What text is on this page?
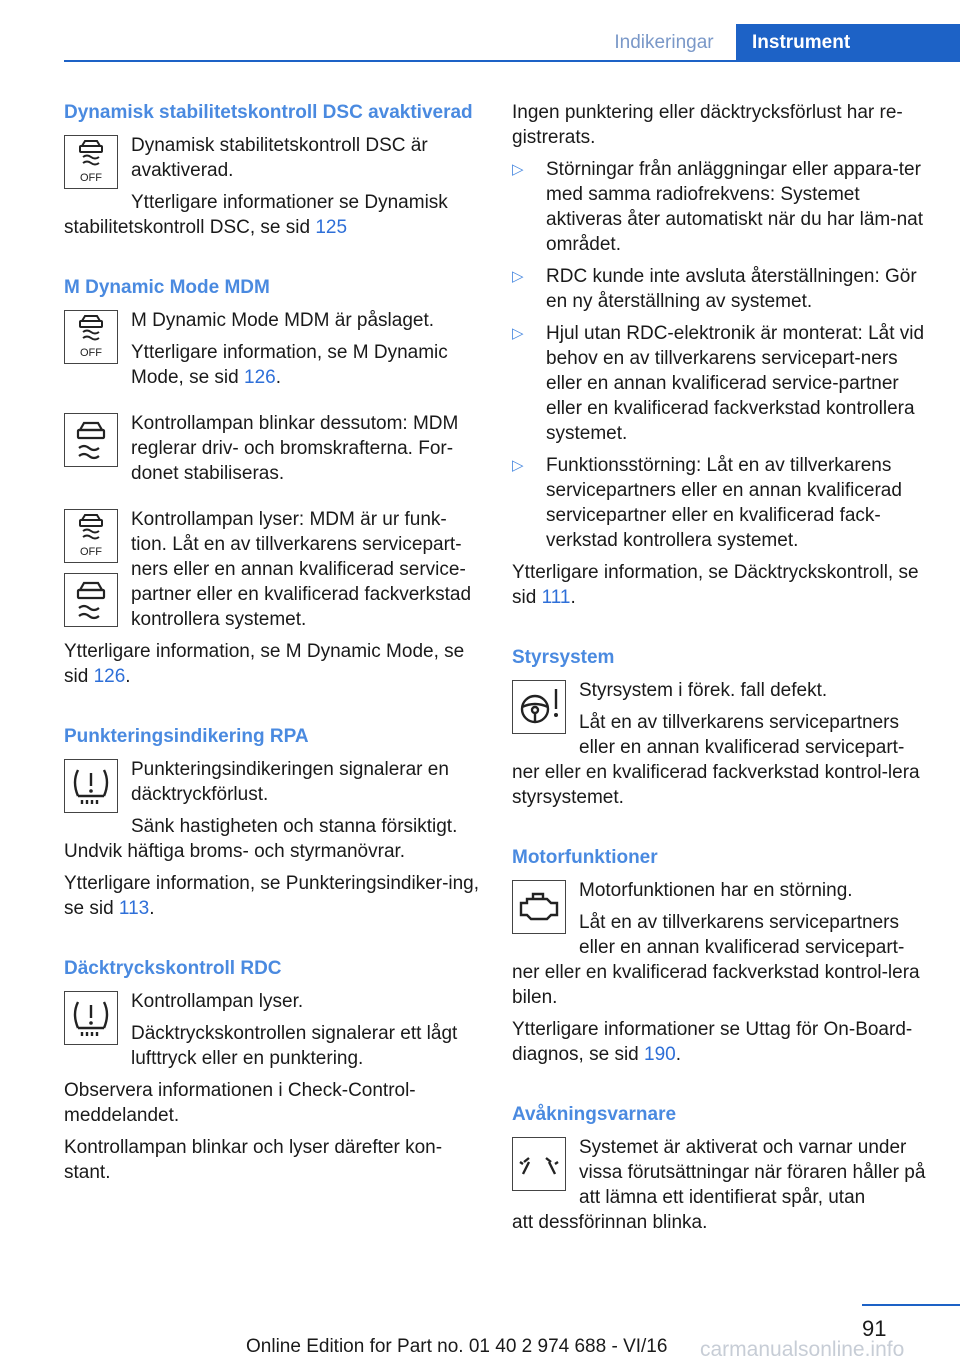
Indikeringar	Instrument
Dynamisk stabilitetskontroll DSC avaktiverad
OFF
Dynamisk stabilitetskontroll DSC är avaktiverad.
Ytterligare informationer se Dynamisk stabilitetskontroll DSC, se sid 125
M Dynamic Mode MDM
OFF
M Dynamic Mode MDM är påslaget.
Ytterligare information, se M Dynamic Mode, se sid 126.
Kontrollampan blinkar dessutom: MDM reglerar driv- och bromskrafterna. For-donet stabiliseras.
OFF
Kontrollampan lyser: MDM är ur funk-tion. Låt en av tillverkarens servicepart-ners eller en annan kvalificerad service-partner eller en kvalificerad fackverkstad kontrollera systemet.
Ytterligare information, se M Dynamic Mode, se sid 126.
Punkteringsindikering RPA
Punkteringsindikeringen signalerar en däcktryckförlust.
Sänk hastigheten och stanna försiktigt.
Undvik häftiga broms- och styrmanövrar.
Ytterligare information, se Punkteringsindiker-ing, se sid 113.
Däcktryckskontroll RDC
Kontrollampan lyser.
Däcktryckskontrollen signalerar ett lågt lufttryck eller en punktering.
Observera informationen i Check-Control-meddelandet.
Kontrollampan blinkar och lyser därefter kon-stant.
Ingen punktering eller däcktrycksförlust har re-gistrerats.
▷ Störningar från anläggningar eller appara-ter med samma radiofrekvens: Systemet aktiveras åter automatiskt när du har läm-nat området.
▷ RDC kunde inte avsluta återställningen: Gör en ny återställning av systemet.
▷ Hjul utan RDC-elektronik är monterat: Låt vid behov en av tillverkarens servicepart-ners eller en annan kvalificerad service-partner eller en kvalificerad fackverkstad kontrollera systemet.
▷ Funktionsstörning: Låt en av tillverkarens servicepartners eller en annan kvalificerad servicepartner eller en kvalificerad fack-verkstad kontrollera systemet.
Ytterligare information, se Däcktryckskontroll, se sid 111.
Styrsystem
Styrsystem i förek. fall defekt.
Låt en av tillverkarens servicepartners eller en annan kvalificerad servicepart-
ner eller en kvalificerad fackverkstad kontrol-lera styrsystemet.
Motorfunktioner
Motorfunktionen har en störning.
Låt en av tillverkarens servicepartners eller en annan kvalificerad servicepart-
ner eller en kvalificerad fackverkstad kontrol-lera bilen.
Ytterligare informationer se Uttag för On-Board-diagnos, se sid 190.
Avåkningsvarnare
Systemet är aktiverat och varnar under vissa förutsättningar när föraren håller på att lämna ett identifierat spår, utan
att dessförinnan blinka.
91
Online Edition for Part no. 01 40 2 974 688 - VI/16 carmanualsonline.info
